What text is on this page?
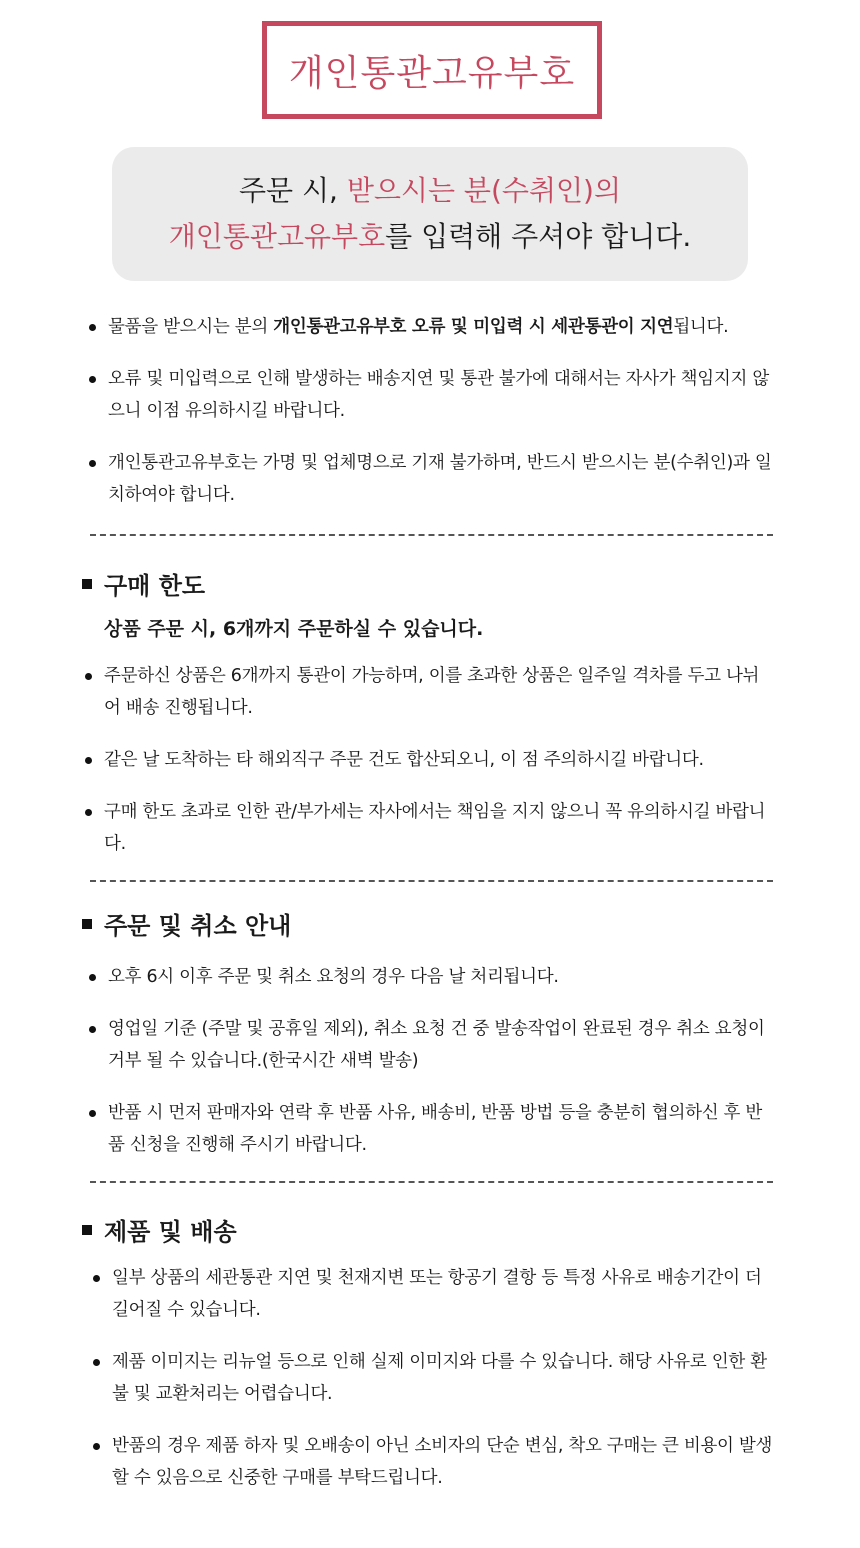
개인통관고유부호
주문 시, 받으시는 분(수취인)의
개인통관고유부호를 입력해 주셔야 합니다.
물품을 받으시는 분의 개인통관고유부호 오류 및 미입력 시 세관통관이 지연됩니다.
오류 및 미입력으로 인해 발생하는 배송지연 및 통관 불가에 대해서는 자사가 책임지지 않으니 이점 유의하시길 바랍니다.
개인통관고유부호는 가명 및 업체명으로 기재 불가하며, 반드시 받으시는 분(수취인)과 일치하여야 합니다.
구매 한도
상품 주문 시, 6개까지 주문하실 수 있습니다.
주문하신 상품은 6개까지 통관이 가능하며, 이를 초과한 상품은 일주일 격차를 두고 나뉘어 배송 진행됩니다.
같은 날 도착하는 타 해외직구 주문 건도 합산되오니, 이 점 주의하시길 바랍니다.
구매 한도 초과로 인한 관/부가세는 자사에서는 책임을 지지 않으니 꼭 유의하시길 바랍니다.
주문 및 취소 안내
오후 6시 이후 주문 및 취소 요청의 경우 다음 날 처리됩니다.
영업일 기준 (주말 및 공휴일 제외), 취소 요청 건 중 발송작업이 완료된 경우 취소 요청이 거부 될 수 있습니다.(한국시간 새벽 발송)
반품 시 먼저 판매자와 연락 후 반품 사유, 배송비, 반품 방법 등을 충분히 협의하신 후 반품 신청을 진행해 주시기 바랍니다.
제품 및 배송
일부 상품의 세관통관 지연 및 천재지변 또는 항공기 결항 등 특정 사유로 배송기간이 더 길어질 수 있습니다.
제품 이미지는 리뉴얼 등으로 인해 실제 이미지와 다를 수 있습니다. 해당 사유로 인한 환불 및 교환처리는 어렵습니다.
반품의 경우 제품 하자 및 오배송이 아닌 소비자의 단순 변심, 착오 구매는 큰 비용이 발생할 수 있음으로 신중한 구매를 부탁드립니다.
